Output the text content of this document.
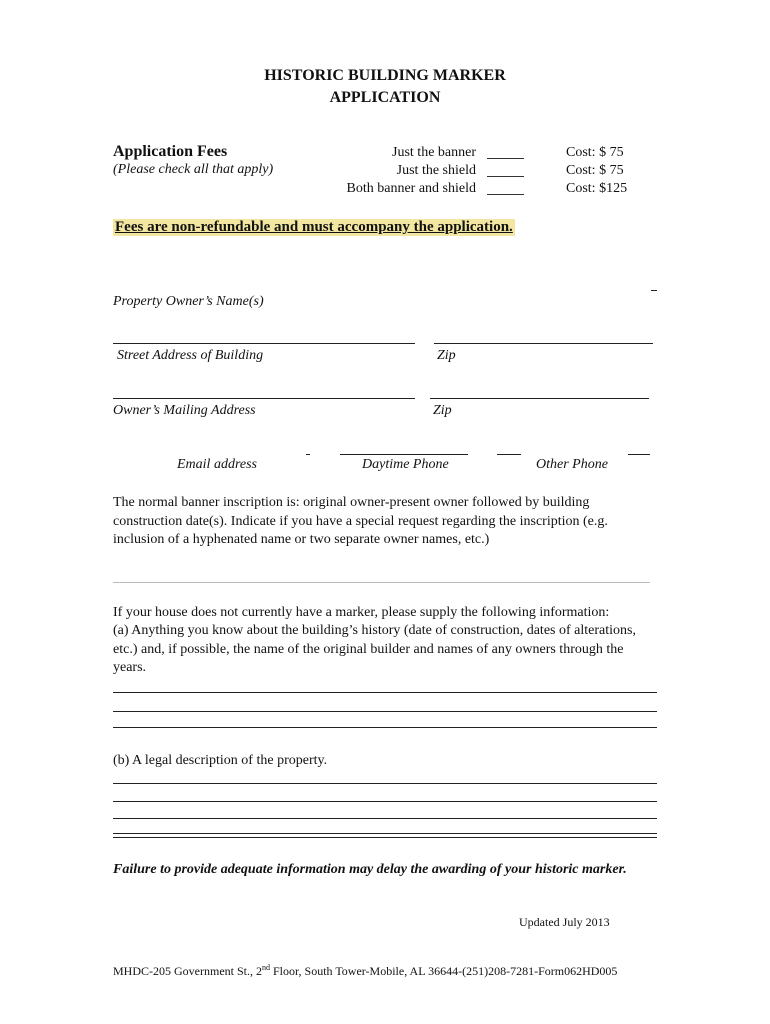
HISTORIC BUILDING MARKER
APPLICATION
Application Fees
(Please check all that apply)
Just the banner	Cost: $ 75
Just the shield	Cost: $ 75
Both banner and shield	Cost: $125
Fees are non-refundable and must accompany the application.
Property Owner’s Name(s)
Street Address of Building	Zip
Owner’s Mailing Address	Zip
Email address	Daytime Phone	Other Phone
The normal banner inscription is: original owner-present owner followed by building construction date(s). Indicate if you have a special request regarding the inscription (e.g. inclusion of a hyphenated name or two separate owner names, etc.)
If your house does not currently have a marker, please supply the following information:
(a) Anything you know about the building’s history (date of construction, dates of alterations, etc.) and, if possible, the name of the original builder and names of any owners through the years.
(b) A legal description of the property.
Failure to provide adequate information may delay the awarding of your historic marker.
Updated July 2013
MHDC-205 Government St., 2nd Floor, South Tower-Mobile, AL 36644-(251)208-7281-Form062HD005
